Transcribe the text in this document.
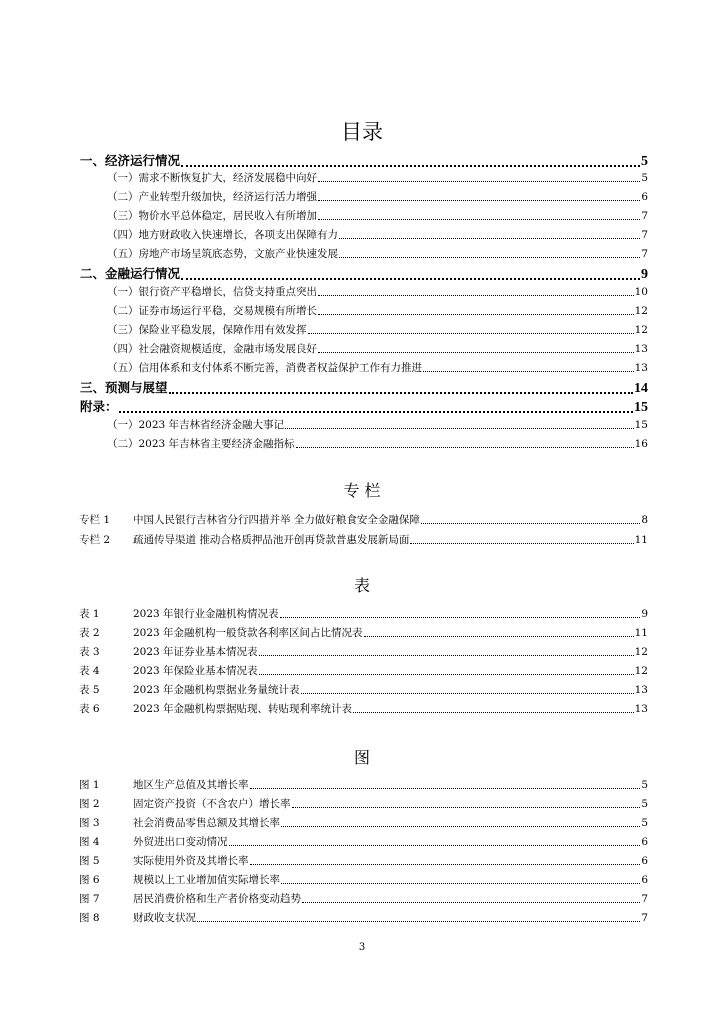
目录
一、经济运行情况	5
（一）需求不断恢复扩大，经济发展稳中向好	5
（二）产业转型升级加快，经济运行活力增强	6
（三）物价水平总体稳定，居民收入有所增加	7
（四）地方财政收入快速增长，各项支出保障有力	7
（五）房地产市场呈筑底态势，文旅产业快速发展	7
二、金融运行情况	9
（一）银行资产平稳增长，信贷支持重点突出	10
（二）证券市场运行平稳，交易规模有所增长	12
（三）保险业平稳发展，保障作用有效发挥	12
（四）社会融资规模适度，金融市场发展良好	13
（五）信用体系和支付体系不断完善，消费者权益保护工作有力推进	13
三、预测与展望	14
附录：	15
（一）2023 年吉林省经济金融大事记	15
（二）2023 年吉林省主要经济金融指标	16
专 栏
专栏 1	中国人民银行吉林省分行四措并举 全力做好粮食安全金融保障	8
专栏 2	疏通传导渠道 推动合格质押品池开创再贷款普惠发展新局面	11
表
表 1	2023 年银行业金融机构情况表	9
表 2	2023 年金融机构一般贷款各利率区间占比情况表	11
表 3	2023 年证券业基本情况表	12
表 4	2023 年保险业基本情况表	12
表 5	2023 年金融机构票据业务量统计表	13
表 6	2023 年金融机构票据贴现、转贴现利率统计表	13
图
图 1	地区生产总值及其增长率	5
图 2	固定资产投资（不含农户）增长率	5
图 3	社会消费品零售总额及其增长率	5
图 4	外贸进出口变动情况	6
图 5	实际使用外资及其增长率	6
图 6	规模以上工业增加值实际增长率	6
图 7	居民消费价格和生产者价格变动趋势	7
图 8	财政收支状况	7
3
